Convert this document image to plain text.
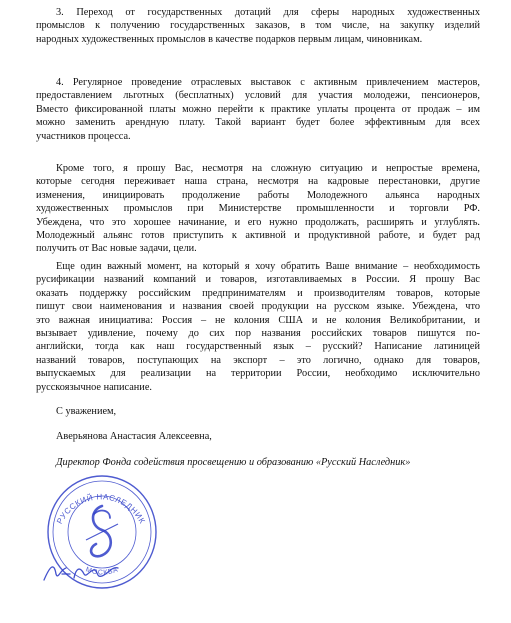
3. Переход от государственных дотаций для сферы народных художественных
промыслов к получению государственных заказов, в том числе, на закупку изделий
народных художественных промыслов в качестве подарков первым лицам, чиновникам.
4. Регулярное проведение отраслевых выставок с активным привлечением мастеров,
предоставлением льготных (бесплатных) условий для участия молодежи, пенсионеров,
Вместо фиксированной платы можно перейти к практике уплаты процента от продаж – им
можно заменить арендную плату. Такой вариант будет более эффективным для всех
участников процесса.
Кроме того, я прошу Вас, несмотря на сложную ситуацию и непростые времена,
которые сегодня переживает наша страна, несмотря на кадровые перестановки, другие
изменения, инициировать продолжение работы Молодежного альянса народных
художественных промыслов при Министерстве промышленности и торговли РФ.
Убеждена, что это хорошее начинание, и его нужно продолжать, расширять и углублять.
Молодежный альянс готов приступить к активной и продуктивной работе, и будет рад
получить от Вас новые задачи, цели.
Еще один важный момент, на который я хочу обратить Ваше внимание – необходимость
русификации названий компаний и товаров, изготавливаемых в России. Я прошу Вас
оказать поддержку российским предпринимателям и производителям товаров, которые
пишут свои наименования и названия своей продукции на русском языке. Убеждена, что
это важная инициатива: Россия – не колония США и не колония Великобритании, и
вызывает удивление, почему до сих пор названия российских товаров пишутся по-
английски, тогда как наш государственный язык – русский? Написание латиницей
названий товаров, поступающих на экспорт – это логично, однако для товаров,
выпускаемых для реализации на территории России, необходимо исключительно
русскоязычное написание.
С уважением,
Аверьянова Анастасия Алексеевна,
Директор Фонда содействия просвещению и образованию «Русский Наследник»
РУССКИЙ НАСЛЕДНИК
МОСКВА
